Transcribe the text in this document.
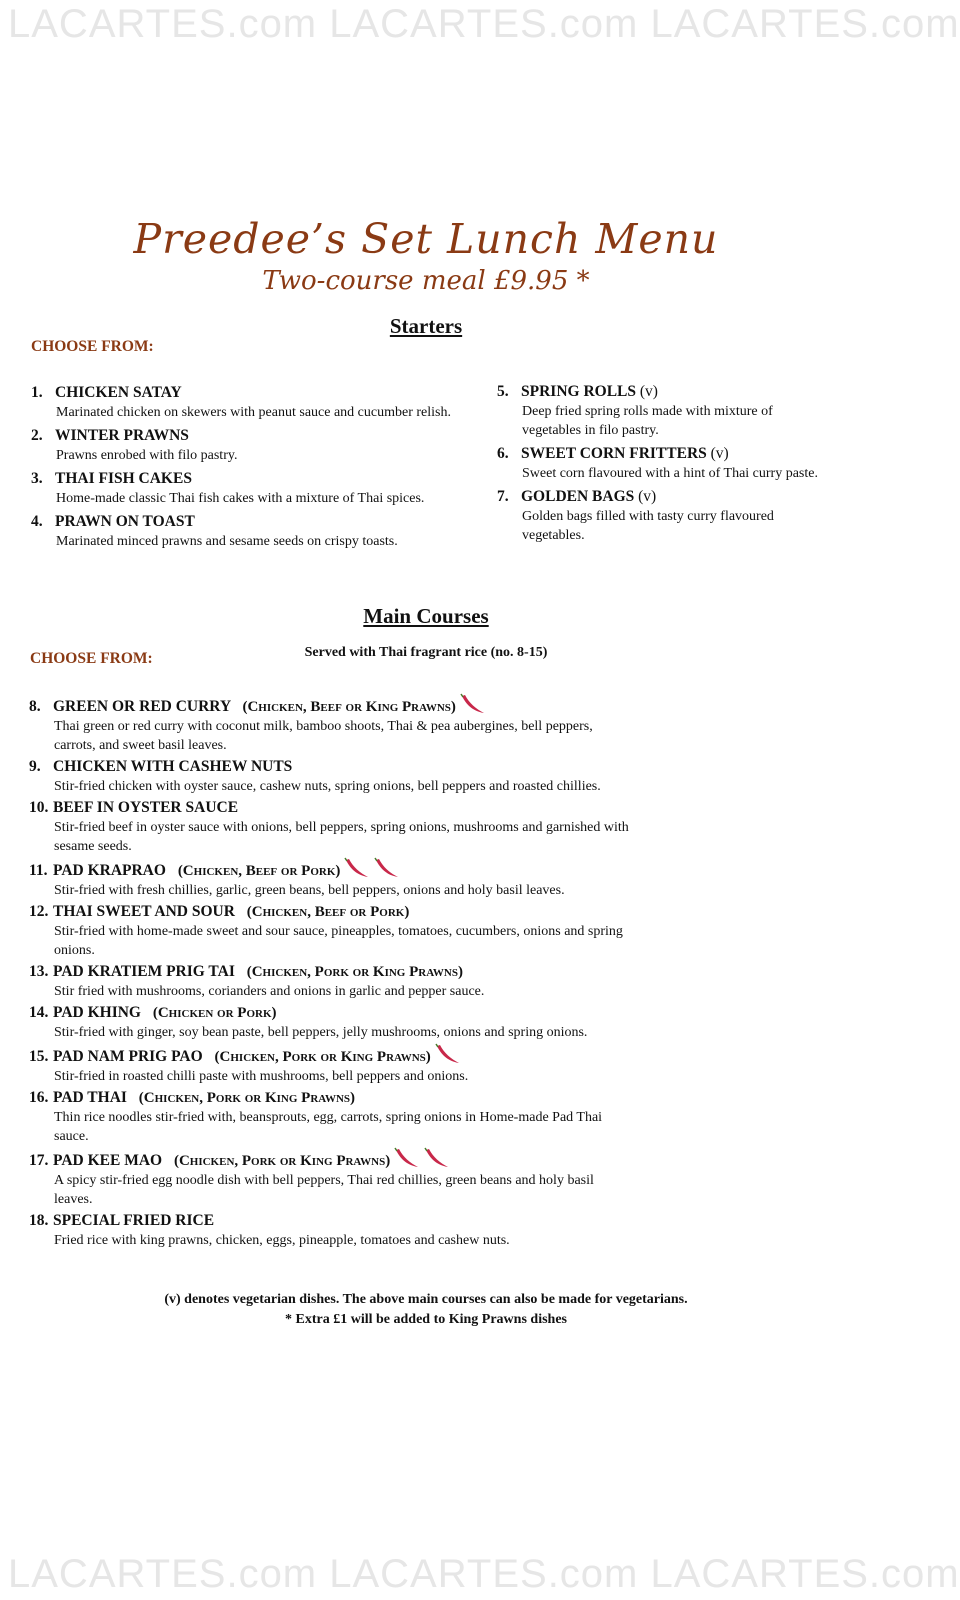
LACARTES.com LACARTES.com LACARTES.com
Preedee’s Set Lunch Menu
Two-course meal £9.95 *
Starters
CHOOSE FROM:
1. CHICKEN SATAY
Marinated chicken on skewers with peanut sauce and cucumber relish.
2. WINTER PRAWNS
Prawns enrobed with filo pastry.
3. THAI FISH CAKES
Home-made classic Thai fish cakes with a mixture of Thai spices.
4. PRAWN ON TOAST
Marinated minced prawns and sesame seeds on crispy toasts.
5. SPRING ROLLS (v)
Deep fried spring rolls made with mixture of vegetables in filo pastry.
6. SWEET CORN FRITTERS (v)
Sweet corn flavoured with a hint of Thai curry paste.
7. GOLDEN BAGS (v)
Golden bags filled with tasty curry flavoured vegetables.
Main Courses
Served with Thai fragrant rice (no. 8-15)
CHOOSE FROM:
8. GREEN OR RED CURRY (Chicken, Beef or King Prawns)
Thai green or red curry with coconut milk, bamboo shoots, Thai & pea aubergines, bell peppers, carrots, and sweet basil leaves.
9. CHICKEN WITH CASHEW NUTS
Stir-fried chicken with oyster sauce, cashew nuts, spring onions, bell peppers and roasted chillies.
10. BEEF IN OYSTER SAUCE
Stir-fried beef in oyster sauce with onions, bell peppers, spring onions, mushrooms and garnished with sesame seeds.
11. PAD KRAPRAO (Chicken, Beef or Pork)
Stir-fried with fresh chillies, garlic, green beans, bell peppers, onions and holy basil leaves.
12. THAI SWEET AND SOUR (Chicken, Beef or Pork)
Stir-fried with home-made sweet and sour sauce, pineapples, tomatoes, cucumbers, onions and spring onions.
13. PAD KRATIEM PRIG TAI (Chicken, Pork or King Prawns)
Stir fried with mushrooms, corianders and onions in garlic and pepper sauce.
14. PAD KHING (Chicken or Pork)
Stir-fried with ginger, soy bean paste, bell peppers, jelly mushrooms, onions and spring onions.
15. PAD NAM PRIG PAO (Chicken, Pork or King Prawns)
Stir-fried in roasted chilli paste with mushrooms, bell peppers and onions.
16. PAD THAI (Chicken, Pork or King Prawns)
Thin rice noodles stir-fried with, beansprouts, egg, carrots, spring onions in Home-made Pad Thai sauce.
17. PAD KEE MAO (Chicken, Pork or King Prawns)
A spicy stir-fried egg noodle dish with bell peppers, Thai red chillies, green beans and holy basil leaves.
18. SPECIAL FRIED RICE
Fried rice with king prawns, chicken, eggs, pineapple, tomatoes and cashew nuts.
(v) denotes vegetarian dishes. The above main courses can also be made for vegetarians.
* Extra £1 will be added to King Prawns dishes
LACARTES.com LACARTES.com LACARTES.com
